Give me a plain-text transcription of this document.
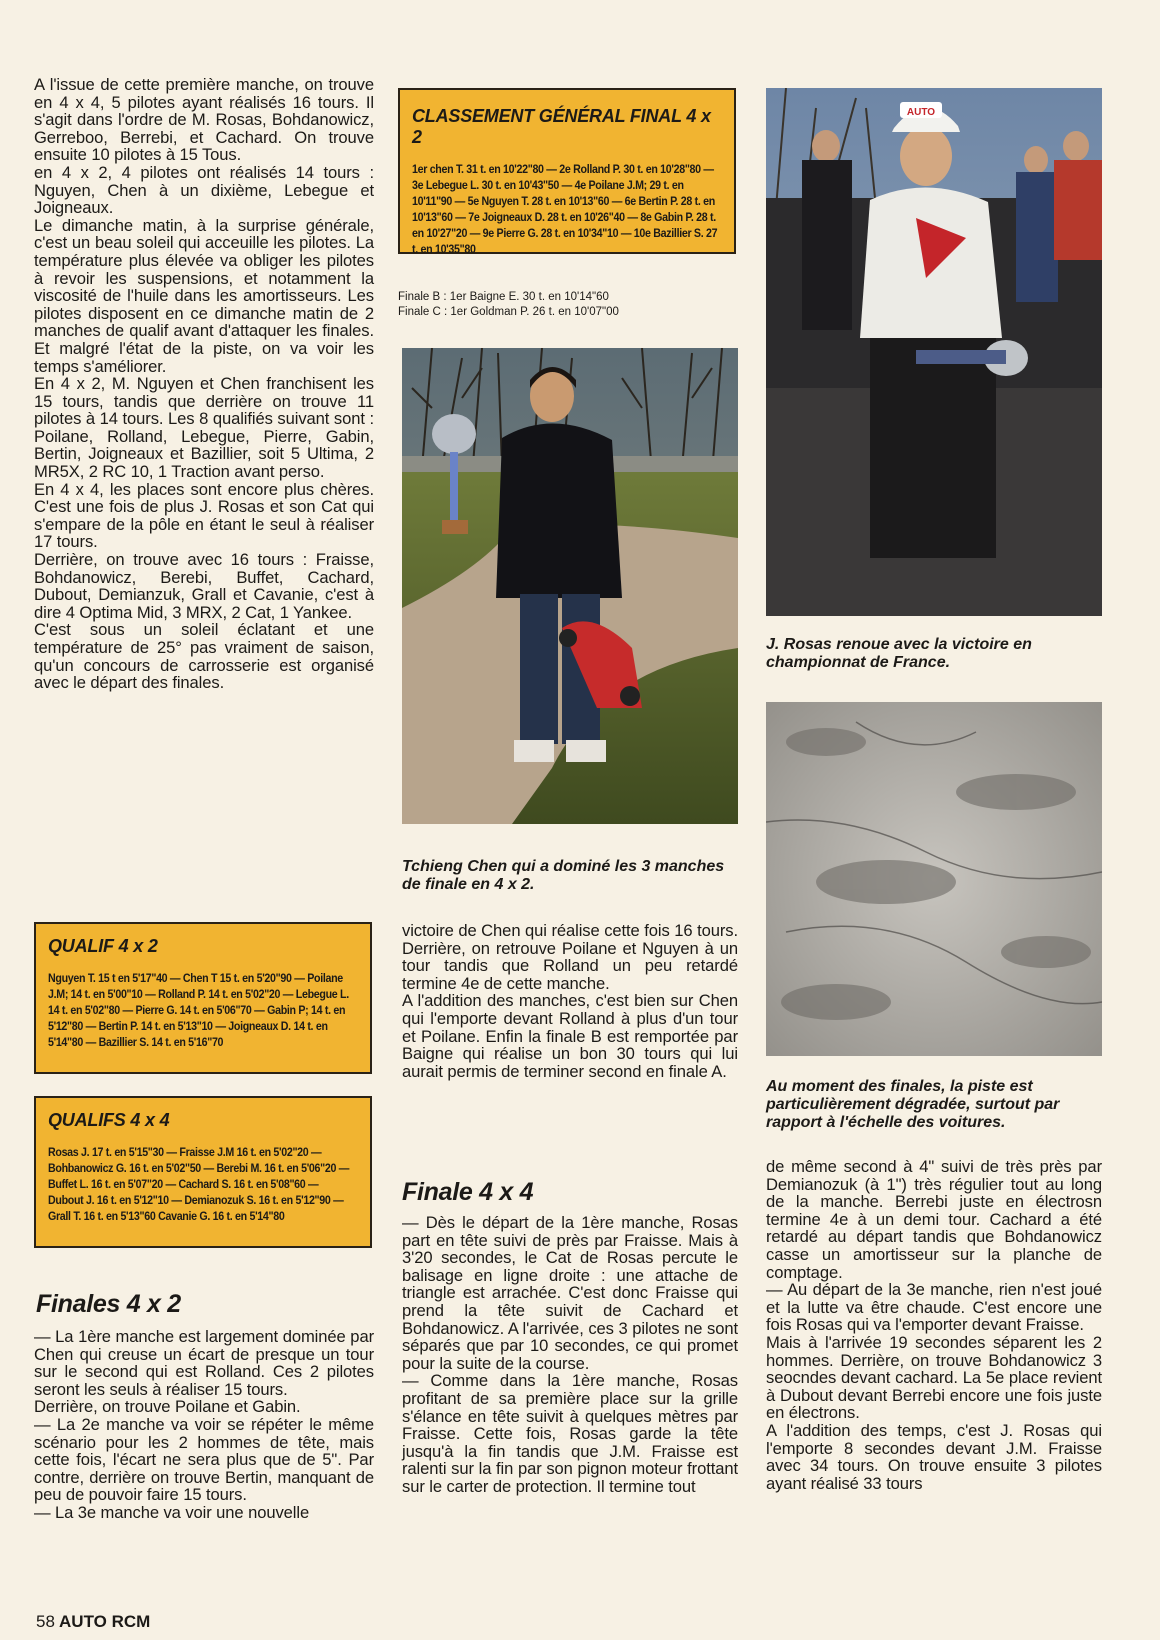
A l'issue de cette première manche, on trouve en 4 x 4, 5 pilotes ayant réalisés 16 tours. Il s'agit dans l'ordre de M. Rosas, Bohdanowicz, Gerreboo, Berrebi, et Cachard. On trouve ensuite 10 pilotes à 15 Tous.

en 4 x 2, 4 pilotes ont réalisés 14 tours : Nguyen, Chen à un dixième, Lebegue et Joigneaux.

Le dimanche matin, à la surprise générale, c'est un beau soleil qui acceuille les pilotes. La température plus élevée va obliger les pilotes à revoir les suspensions, et notamment la viscosité de l'huile dans les amortisseurs. Les pilotes disposent en ce dimanche matin de 2 manches de qualif avant d'attaquer les finales. Et malgré l'état de la piste, on va voir les temps s'améliorer.

En 4 x 2, M. Nguyen et Chen franchisent les 15 tours, tandis que derrière on trouve 11 pilotes à 14 tours. Les 8 qualifiés suivant sont : Poilane, Rolland, Lebegue, Pierre, Gabin, Bertin, Joigneaux et Bazillier, soit 5 Ultima, 2 MR5X, 2 RC 10, 1 Traction avant perso.

En 4 x 4, les places sont encore plus chères. C'est une fois de plus J. Rosas et son Cat qui s'empare de la pôle en étant le seul à réaliser 17 tours.

Derrière, on trouve avec 16 tours : Fraisse, Bohdanowicz, Berebi, Buffet, Cachard, Dubout, Demianzuk, Grall et Cavanie, c'est à dire 4 Optima Mid, 3 MRX, 2 Cat, 1 Yankee.

C'est sous un soleil éclatant et une température de 25° pas vraiment de saison, qu'un concours de carrosserie est organisé avec le départ des finales.

QUALIF 4 x 2
Nguyen T. 15 t en 5'17"40 — Chen T 15 t. en 5'20"90 — Poilane J.M; 14 t. en 5'00"10 — Rolland P. 14 t. en 5'02"20 — Lebegue L. 14 t. en 5'02"80 — Pierre G. 14 t. en 5'06"70 — Gabin P; 14 t. en 5'12"80 — Bertin P. 14 t. en 5'13"10 — Joigneaux D. 14 t. en 5'14"80 — Bazillier S. 14 t. en 5'16"70
QUALIFS 4 x 4
Rosas J. 17 t. en 5'15"30 — Fraisse J.M 16 t. en 5'02"20 — Bohbanowicz G. 16 t. en 5'02"50 — Berebi M. 16 t. en 5'06"20 — Buffet L. 16 t. en 5'07"20 — Cachard S. 16 t. en 5'08"60 — Dubout J. 16 t. en 5'12"10 — Demianozuk S. 16 t. en 5'12"90 — Grall T. 16 t. en 5'13"60 Cavanie G. 16 t. en 5'14"80
Finales 4 x 2

— La 1ère manche est largement dominée par Chen qui creuse un écart de presque un tour sur le second qui est Rolland. Ces 2 pilotes seront les seuls à réaliser 15 tours.

Derrière, on trouve Poilane et Gabin.

— La 2e manche va voir se répéter le même scénario pour les 2 hommes de tête, mais cette fois, l'écart ne sera plus que de 5". Par contre, derrière on trouve Bertin, manquant de peu de pouvoir faire 15 tours.

— La 3e manche va voir une nouvelle

CLASSEMENT GÉNÉRAL FINAL 4 x 2
1er chen T. 31 t. en 10'22"80 — 2e Rolland P. 30 t. en 10'28"80 — 3e Lebegue L. 30 t. en 10'43"50 — 4e Poilane J.M; 29 t. en 10'11"90 — 5e Nguyen T. 28 t. en 10'13"60 — 6e Bertin P. 28 t. en 10'13"60 — 7e Joigneaux D. 28 t. en 10'26"40 — 8e Gabin P. 28 t. en 10'27"20 — 9e Pierre G. 28 t. en 10'34"10 — 10e Bazillier S. 27 t. en 10'35"80
Finale B : 1er Baigne E. 30 t. en 10'14"60
Finale C : 1er Goldman P. 26 t. en 10'07"00
Tchieng Chen qui a dominé les 3 manches de finale en 4 x 2.

victoire de Chen qui réalise cette fois 16 tours. Derrière, on retrouve Poilane et Nguyen à un tour tandis que Rolland un peu retardé termine 4e de cette manche.

A l'addition des manches, c'est bien sur Chen qui l'emporte devant Rolland à plus d'un tour et Poilane. Enfin la finale B est remportée par Baigne qui réalise un bon 30 tours qui lui aurait permis de terminer second en finale A.

Finale 4 x 4

— Dès le départ de la 1ère manche, Rosas part en tête suivi de près par Fraisse. Mais à 3'20 secondes, le Cat de Rosas percute le balisage en ligne droite : une attache de triangle est arrachée. C'est donc Fraisse qui prend la tête suivit de Cachard et Bohdanowicz. A l'arrivée, ces 3 pilotes ne sont séparés que par 10 secondes, ce qui promet pour la suite de la course.

— Comme dans la 1ère manche, Rosas profitant de sa première place sur la grille s'élance en tête suivit à quelques mètres par Fraisse. Cette fois, Rosas garde la tête jusqu'à la fin tandis que J.M. Fraisse est ralenti sur la fin par son pignon moteur frottant sur le carter de protection. Il termine tout

AUTO
J. Rosas renoue avec la victoire en championnat de France.
Au moment des finales, la piste est particulièrement dégradée, surtout par rapport à l'échelle des voitures.

de même second à 4" suivi de très près par Demianozuk (à 1") très régulier tout au long de la manche. Berrebi juste en électrosn termine 4e à un demi tour. Cachard a été retardé au départ tandis que Bohdanowicz casse un amortisseur sur la planche de comptage.

— Au départ de la 3e manche, rien n'est joué et la lutte va être chaude. C'est encore une fois Rosas qui va l'emporter devant Fraisse.

Mais à l'arrivée 19 secondes séparent les 2 hommes. Derrière, on trouve Bohdanowicz 3 seocndes devant cachard. La 5e place revient à Dubout devant Berrebi encore une fois juste en électrons.

A l'addition des temps, c'est J. Rosas qui l'emporte 8 secondes devant J.M. Fraisse avec 34 tours. On trouve ensuite 3 pilotes ayant réalisé 33 tours

58 AUTO RCM
